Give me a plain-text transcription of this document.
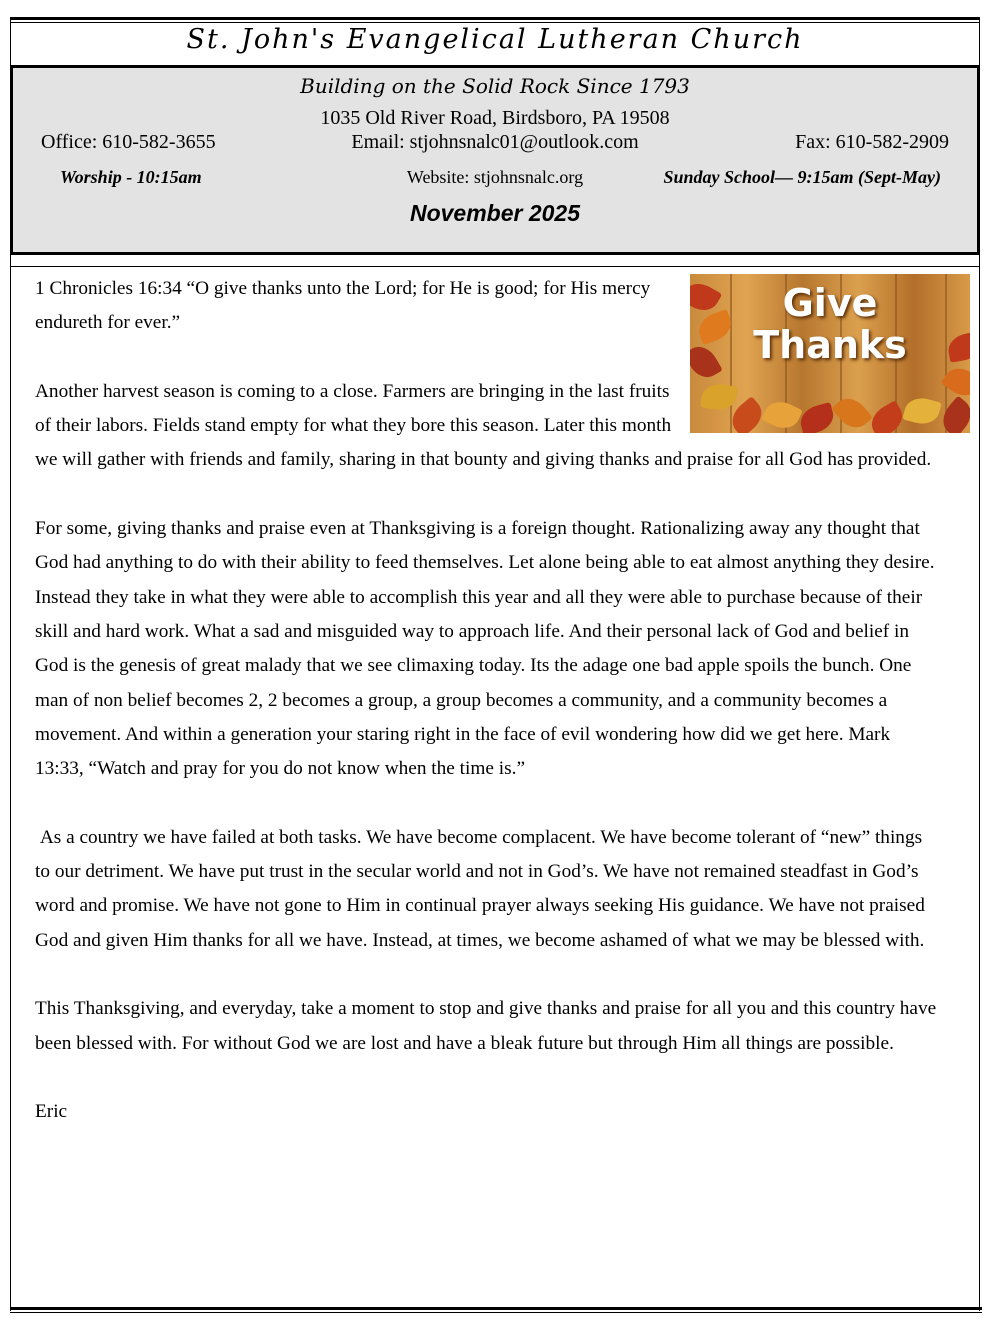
St. John's Evangelical Lutheran Church
Building on the Solid Rock Since 1793
1035 Old River Road, Birdsboro, PA 19508
Office: 610-582-3655	Email: stjohnsnalc01@outlook.com	Fax: 610-582-2909
Worship - 10:15am	Website: stjohnsnalc.org	Sunday School— 9:15am (Sept-May)
November 2025
Give
Thanks

1 Chronicles 16:34 “O give thanks unto the Lord; for He is good; for His mercy endureth for ever.”

Another harvest season is coming to a close. Farmers are bringing in the last fruits of their labors. Fields stand empty for what they bore this season. Later this month we will gather with friends and family, sharing in that bounty and giving thanks and praise for all God has provided.

For some, giving thanks and praise even at Thanksgiving is a foreign thought. Rationalizing away any thought that God had anything to do with their ability to feed themselves. Let alone being able to eat almost anything they desire. Instead they take in what they were able to accomplish this year and all they were able to purchase because of their skill and hard work. What a sad and misguided way to approach life. And their personal lack of God and belief in God is the genesis of great malady that we see climaxing today. Its the adage one bad apple spoils the bunch. One man of non belief becomes 2, 2 becomes a group, a group becomes a community, and a community becomes a movement. And within a generation your staring right in the face of evil wondering how did we get here. Mark 13:33, “Watch and pray for you do not know when the time is.”

As a country we have failed at both tasks. We have become complacent. We have become tolerant of “new” things to our detriment. We have put trust in the secular world and not in God’s. We have not remained steadfast in God’s word and promise. We have not gone to Him in continual prayer always seeking His guidance. We have not praised God and given Him thanks for all we have. Instead, at times, we become ashamed of what we may be blessed with.

This Thanksgiving, and everyday, take a moment to stop and give thanks and praise for all you and this country have been blessed with. For without God we are lost and have a bleak future but through Him all things are possible.

Eric
